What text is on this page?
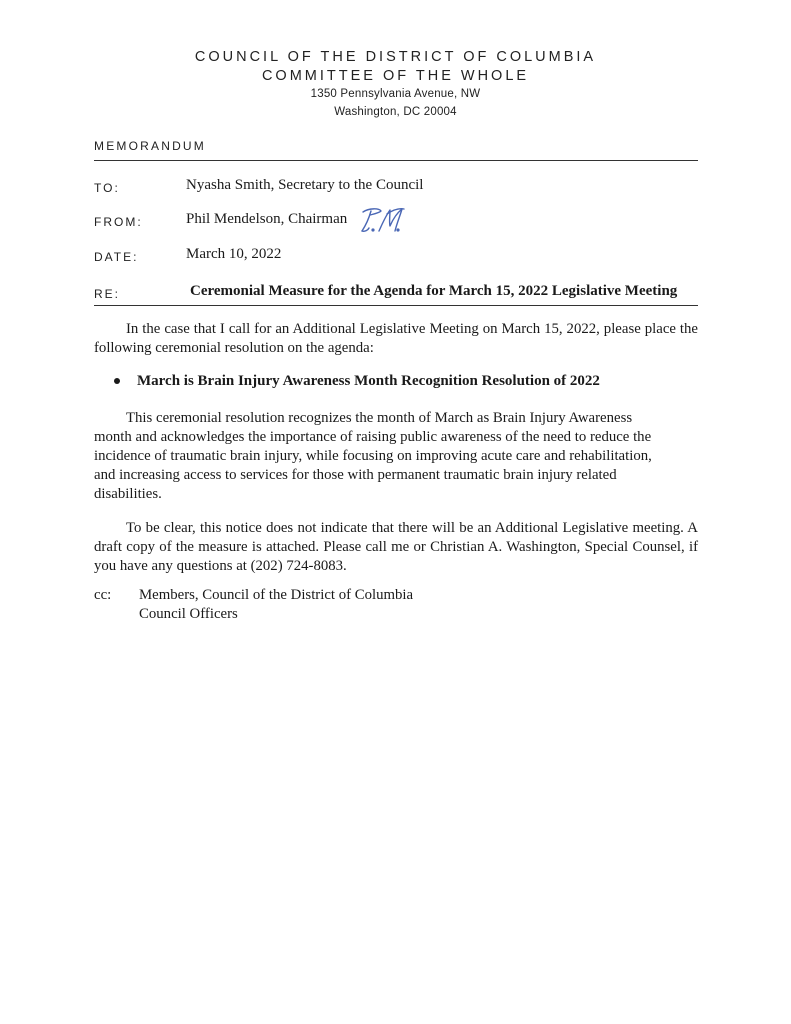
COUNCIL OF THE DISTRICT OF COLUMBIA
COMMITTEE OF THE WHOLE
1350 Pennsylvania Avenue, NW
Washington, DC 20004
MEMORANDUM
TO:	Nyasha Smith, Secretary to the Council
FROM:	Phil Mendelson, Chairman
DATE:	March 10, 2022
RE:	Ceremonial Measure for the Agenda for March 15, 2022 Legislative Meeting

In the case that I call for an Additional Legislative Meeting on March 15, 2022, please place the following ceremonial resolution on the agenda:

March is Brain Injury Awareness Month Recognition Resolution of 2022
This ceremonial resolution recognizes the month of March as Brain Injury Awareness
month and acknowledges the importance of raising public awareness of the need to reduce the
incidence of traumatic brain injury, while focusing on improving acute care and rehabilitation,
and increasing access to services for those with permanent traumatic brain injury related
disabilities.

To be clear, this notice does not indicate that there will be an Additional Legislative meeting. A draft copy of the measure is attached. Please call me or Christian A. Washington, Special Counsel, if you have any questions at (202) 724-8083.

cc: Members, Council of the District of Columbia
Council Officers
